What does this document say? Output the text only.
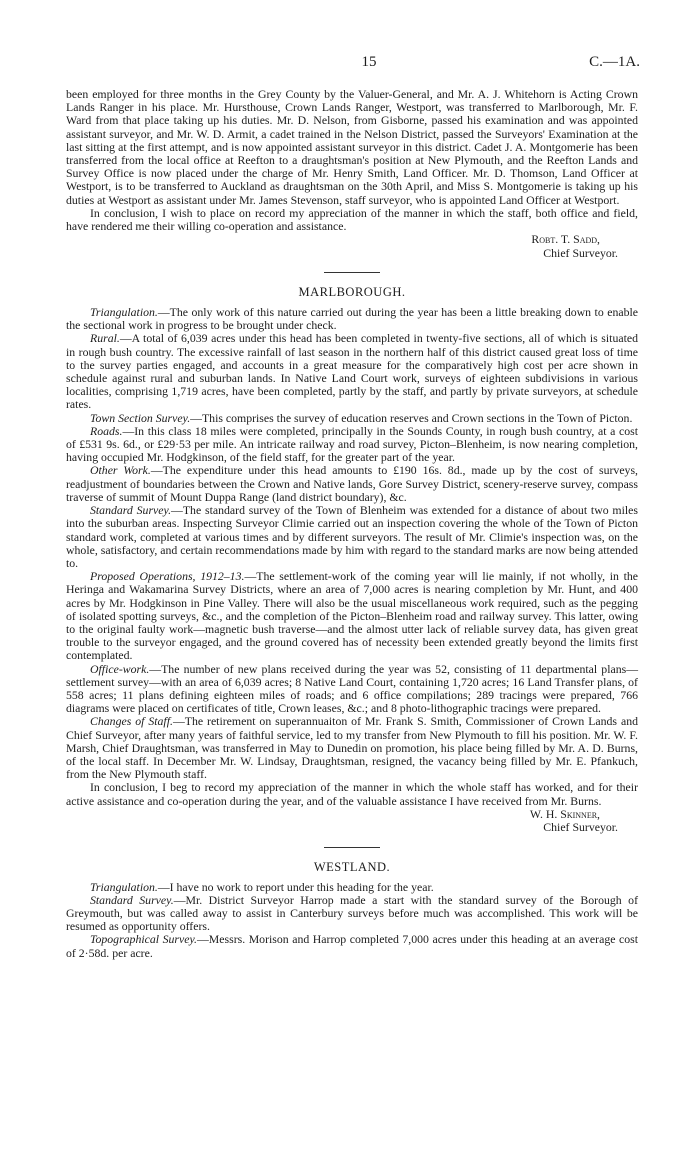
15	C.—1A.

been employed for three months in the Grey County by the Valuer-General, and Mr. A. J. Whitehorn is Acting Crown Lands Ranger in his place. Mr. Hursthouse, Crown Lands Ranger, Westport, was transferred to Marlborough, Mr. F. Ward from that place taking up his duties. Mr. D. Nelson, from Gisborne, passed his examination and was appointed assistant surveyor, and Mr. W. D. Armit, a cadet trained in the Nelson District, passed the Surveyors' Examination at the last sitting at the first attempt, and is now appointed assistant surveyor in this district. Cadet J. A. Montgomerie has been transferred from the local office at Reefton to a draughtsman's position at New Plymouth, and the Reefton Lands and Survey Office is now placed under the charge of Mr. Henry Smith, Land Officer. Mr. D. Thomson, Land Officer at Westport, is to be transferred to Auckland as draughtsman on the 30th April, and Miss S. Montgomerie is taking up his duties at Westport as assistant under Mr. James Stevenson, staff surveyor, who is appointed Land Officer at Westport.

In conclusion, I wish to place on record my appreciation of the manner in which the staff, both office and field, have rendered me their willing co-operation and assistance.

Robt. T. Sadd,
Chief Surveyor.
MARLBOROUGH.

Triangulation.—The only work of this nature carried out during the year has been a little breaking down to enable the sectional work in progress to be brought under check.

Rural.—A total of 6,039 acres under this head has been completed in twenty-five sections, all of which is situated in rough bush country. The excessive rainfall of last season in the northern half of this district caused great loss of time to the survey parties engaged, and accounts in a great measure for the comparatively high cost per acre shown in schedule against rural and suburban lands. In Native Land Court work, surveys of eighteen subdivisions in various localities, comprising 1,719 acres, have been completed, partly by the staff, and partly by private surveyors, at schedule rates.

Town Section Survey.—This comprises the survey of education reserves and Crown sections in the Town of Picton.

Roads.—In this class 18 miles were completed, principally in the Sounds County, in rough bush country, at a cost of £531 9s. 6d., or £29·53 per mile. An intricate railway and road survey, Picton–Blenheim, is now nearing completion, having occupied Mr. Hodgkinson, of the field staff, for the greater part of the year.

Other Work.—The expenditure under this head amounts to £190 16s. 8d., made up by the cost of surveys, readjustment of boundaries between the Crown and Native lands, Gore Survey District, scenery-reserve survey, compass traverse of summit of Mount Duppa Range (land district boundary), &c.

Standard Survey.—The standard survey of the Town of Blenheim was extended for a distance of about two miles into the suburban areas. Inspecting Surveyor Climie carried out an inspection covering the whole of the Town of Picton standard work, completed at various times and by different surveyors. The result of Mr. Climie's inspection was, on the whole, satisfactory, and certain recommendations made by him with regard to the standard marks are now being attended to.

Proposed Operations, 1912–13.—The settlement-work of the coming year will lie mainly, if not wholly, in the Heringa and Wakamarina Survey Districts, where an area of 7,000 acres is nearing completion by Mr. Hunt, and 400 acres by Mr. Hodgkinson in Pine Valley. There will also be the usual miscellaneous work required, such as the pegging of isolated spotting surveys, &c., and the completion of the Picton–Blenheim road and railway survey. This latter, owing to the original faulty work—magnetic bush traverse—and the almost utter lack of reliable survey data, has given great trouble to the surveyor engaged, and the ground covered has of necessity been extended greatly beyond the limits first contemplated.

Office-work.—The number of new plans received during the year was 52, consisting of 11 departmental plans—settlement survey—with an area of 6,039 acres; 8 Native Land Court, containing 1,720 acres; 16 Land Transfer plans, of 558 acres; 11 plans defining eighteen miles of roads; and 6 office compilations; 289 tracings were prepared, 766 diagrams were placed on certificates of title, Crown leases, &c.; and 8 photo-lithographic tracings were prepared.

Changes of Staff.—The retirement on superannuaiton of Mr. Frank S. Smith, Commissioner of Crown Lands and Chief Surveyor, after many years of faithful service, led to my transfer from New Plymouth to fill his position. Mr. W. F. Marsh, Chief Draughtsman, was transferred in May to Dunedin on promotion, his place being filled by Mr. A. D. Burns, of the local staff. In December Mr. W. Lindsay, Draughtsman, resigned, the vacancy being filled by Mr. E. Pfankuch, from the New Plymouth staff.

In conclusion, I beg to record my appreciation of the manner in which the whole staff has worked, and for their active assistance and co-operation during the year, and of the valuable assistance I have received from Mr. Burns.

W. H. Skinner,
Chief Surveyor.
WESTLAND.

Triangulation.—I have no work to report under this heading for the year.

Standard Survey.—Mr. District Surveyor Harrop made a start with the standard survey of the Borough of Greymouth, but was called away to assist in Canterbury surveys before much was accomplished. This work will be resumed as opportunity offers.

Topographical Survey.—Messrs. Morison and Harrop completed 7,000 acres under this heading at an average cost of 2·58d. per acre.
